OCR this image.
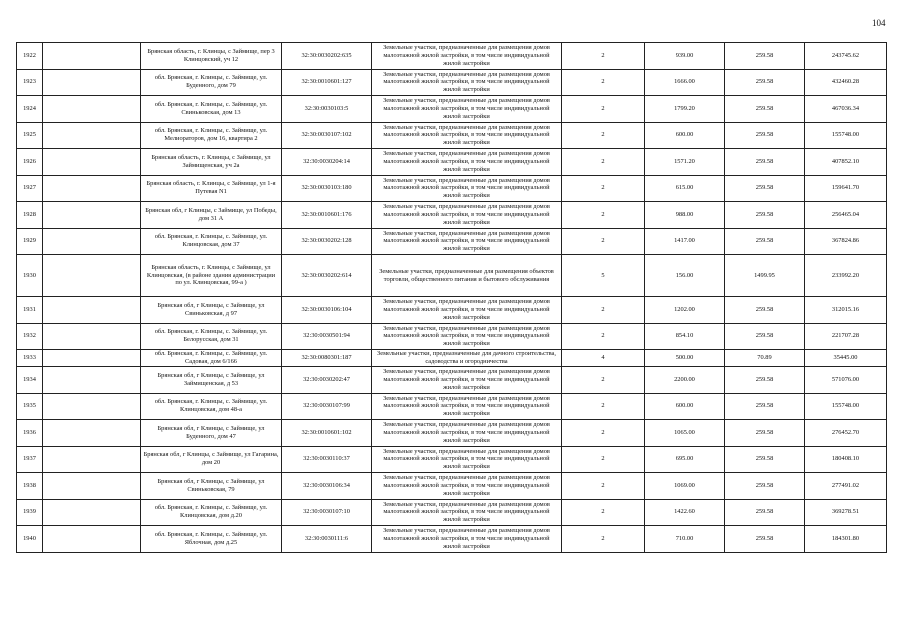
104
1922		Брянская область, г. Клинцы, с Займище, пер 3 Клинцовский, уч 12	32:30:0030202:635	Земельные участки, предназначенные для размещения домов малоэтажной жилой застройки, в том числе индивидуальной жилой застройки	2	939.00	259.58	243745.62
1923		обл. Брянская, г. Клинцы, с. Займище, ул. Буденного, дом 79	32:30:0010601:127	Земельные участки, предназначенные для размещения домов малоэтажной жилой застройки, в том числе индивидуальной жилой застройки	2	1666.00	259.58	432460.28
1924		обл. Брянская, г. Клинцы, с. Займище, ул. Свиньковская, дом 13	32:30:0030103:5	Земельные участки, предназначенные для размещения домов малоэтажной жилой застройки, в том числе индивидуальной жилой застройки	2	1799.20	259.58	467036.34
1925		обл. Брянская, г. Клинцы, с. Займище, ул. Мелиораторов, дом 16, квартира 2	32:30:0030107:102	Земельные участки, предназначенные для размещения домов малоэтажной жилой застройки, в том числе индивидуальной жилой застройки	2	600.00	259.58	155748.00
1926		Брянская область, г. Клинцы, с Займище, ул Займищенская, уч 2а	32:30:0030204:14	Земельные участки, предназначенные для размещения домов малоэтажной жилой застройки, в том числе индивидуальной жилой застройки	2	1571.20	259.58	407852.10
1927		Брянская область, г. Клинцы, с Займище, ул 1-я Путевая N1	32:30:0030103:180	Земельные участки, предназначенные для размещения домов малоэтажной жилой застройки, в том числе индивидуальной жилой застройки	2	615.00	259.58	159641.70
1928		Брянская обл, г Клинцы, с Займище, ул Победы, дом 31 А	32:30:0010601:176	Земельные участки, предназначенные для размещения домов малоэтажной жилой застройки, в том числе индивидуальной жилой застройки	2	988.00	259.58	256465.04
1929		обл. Брянская, г. Клинцы, с. Займище, ул. Клинцовская, дом 37	32:30:0030202:128	Земельные участки, предназначенные для размещения домов малоэтажной жилой застройки, в том числе индивидуальной жилой застройки	2	1417.00	259.58	367824.86
1930		Брянская область, г. Клинцы, с Займище, ул Клинцовская, (в районе здания администрации по ул. Клинцовская, 99-а )	32:30:0030202:614	Земельные участки, предназначенные для размещения объектов торговли, общественного питания и бытового обслуживания	5	156.00	1499.95	233992.20
1931		Брянская обл, г Клинцы, с Займище, ул Свиньковская, д 97	32:30:0030106:104	Земельные участки, предназначенные для размещения домов малоэтажной жилой застройки, в том числе индивидуальной жилой застройки	2	1202.00	259.58	312015.16
1932		обл. Брянская, г. Клинцы, с. Займище, ул. Белорусская, дом 31	32:30:0030501:94	Земельные участки, предназначенные для размещения домов малоэтажной жилой застройки, в том числе индивидуальной жилой застройки	2	854.10	259.58	221707.28
1933		обл. Брянская, г. Клинцы, с. Займище, ул. Садовая, дом 6/166	32:30:0080301:187	Земельные участки, предназначенные для дачного строительства, садоводства и огородничества	4	500.00	70.89	35445.00
1934		Брянская обл, г Клинцы, с Займище, ул Займищенская, д 53	32:30:0030202:47	Земельные участки, предназначенные для размещения домов малоэтажной жилой застройки, в том числе индивидуальной жилой застройки	2	2200.00	259.58	571076.00
1935		обл. Брянская, г. Клинцы, с. Займище, ул. Клинцовская, дом 48-а	32:30:0030107:99	Земельные участки, предназначенные для размещения домов малоэтажной жилой застройки, в том числе индивидуальной жилой застройки	2	600.00	259.58	155748.00
1936		Брянская обл, г Клинцы, с Займище, ул Буденного, дом 47	32:30:0010601:102	Земельные участки, предназначенные для размещения домов малоэтажной жилой застройки, в том числе индивидуальной жилой застройки	2	1065.00	259.58	276452.70
1937		Брянская обл, г Клинцы, с Займище, ул Гагарина, дом 20	32:30:0030110:37	Земельные участки, предназначенные для размещения домов малоэтажной жилой застройки, в том числе индивидуальной жилой застройки	2	695.00	259.58	180408.10
1938		Брянская обл, г Клинцы, с Займище, ул Свиньковская, 79	32:30:0030106:34	Земельные участки, предназначенные для размещения домов малоэтажной жилой застройки, в том числе индивидуальной жилой застройки	2	1069.00	259.58	277491.02
1939		обл. Брянская, г. Клинцы, с. Займище, ул. Клинцовская, дом д.20	32:30:0030107:10	Земельные участки, предназначенные для размещения домов малоэтажной жилой застройки, в том числе индивидуальной жилой застройки	2	1422.60	259.58	369278.51
1940		обл. Брянская, г. Клинцы, с. Займище, ул. Яблочная, дом д.25	32:30:0030111:6	Земельные участки, предназначенные для размещения домов малоэтажной жилой застройки, в том числе индивидуальной жилой застройки	2	710.00	259.58	184301.80
